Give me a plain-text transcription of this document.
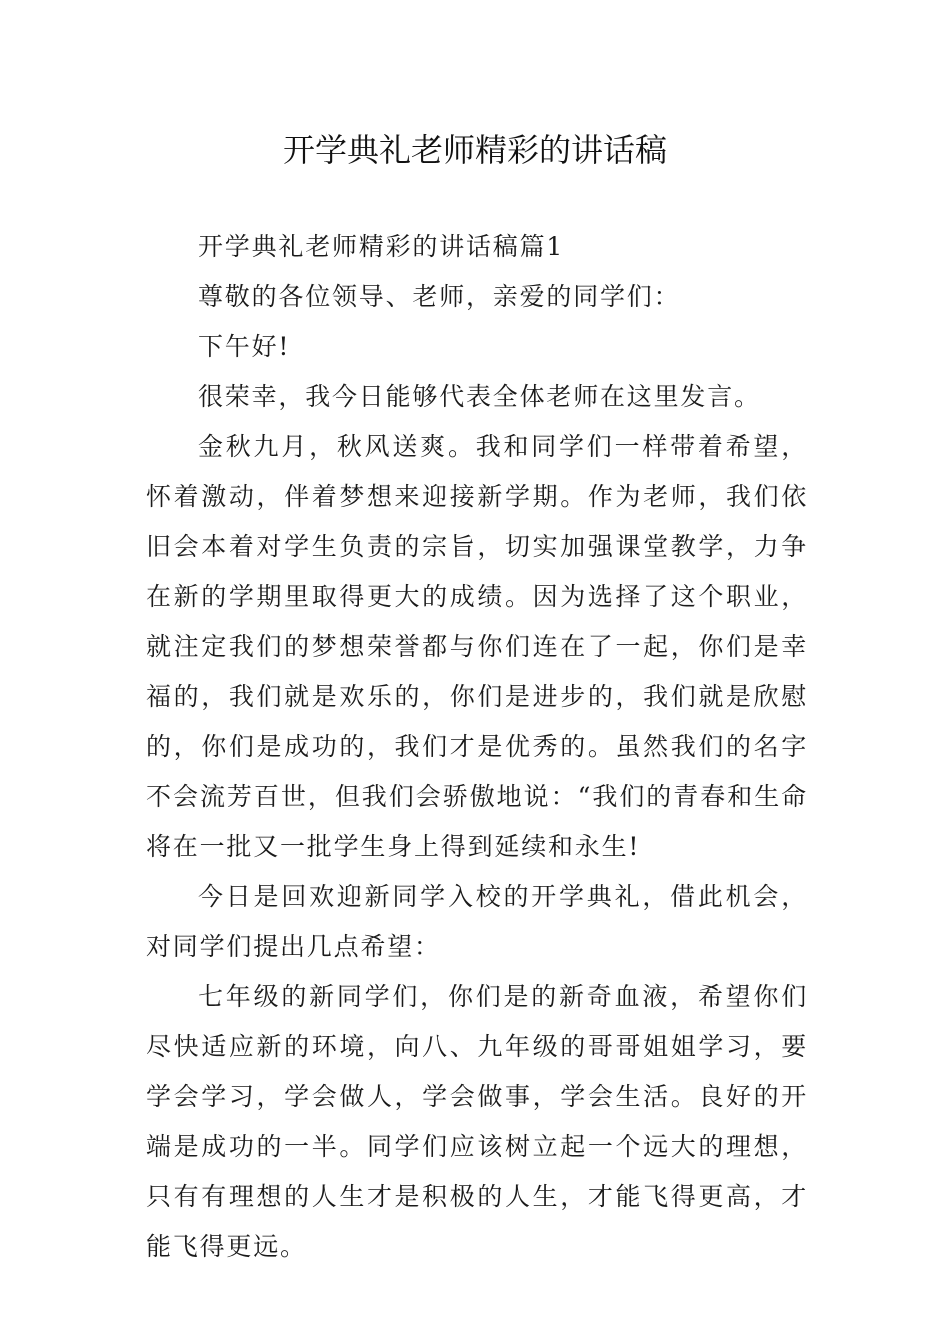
开学典礼老师精彩的讲话稿

开学典礼老师精彩的讲话稿篇1

尊敬的各位领导、老师，亲爱的同学们：

下午好!

很荣幸，我今日能够代表全体老师在这里发言。

金秋九月，秋风送爽。我和同学们一样带着希望，怀着激动，伴着梦想来迎接新学期。作为老师，我们依旧会本着对学生负责的宗旨，切实加强课堂教学，力争在新的学期里取得更大的成绩。因为选择了这个职业，就注定我们的梦想荣誉都与你们连在了一起，你们是幸福的，我们就是欢乐的，你们是进步的，我们就是欣慰的，你们是成功的，我们才是优秀的。虽然我们的名字不会流芳百世，但我们会骄傲地说：“我们的青春和生命将在一批又一批学生身上得到延续和永生!

今日是回欢迎新同学入校的开学典礼，借此机会，对同学们提出几点希望：

七年级的新同学们，你们是的新奇血液，希望你们尽快适应新的环境，向八、九年级的哥哥姐姐学习，要学会学习，学会做人，学会做事，学会生活。良好的开端是成功的一半。同学们应该树立起一个远大的理想，只有有理想的人生才是积极的人生，才能飞得更高，才能飞得更远。
